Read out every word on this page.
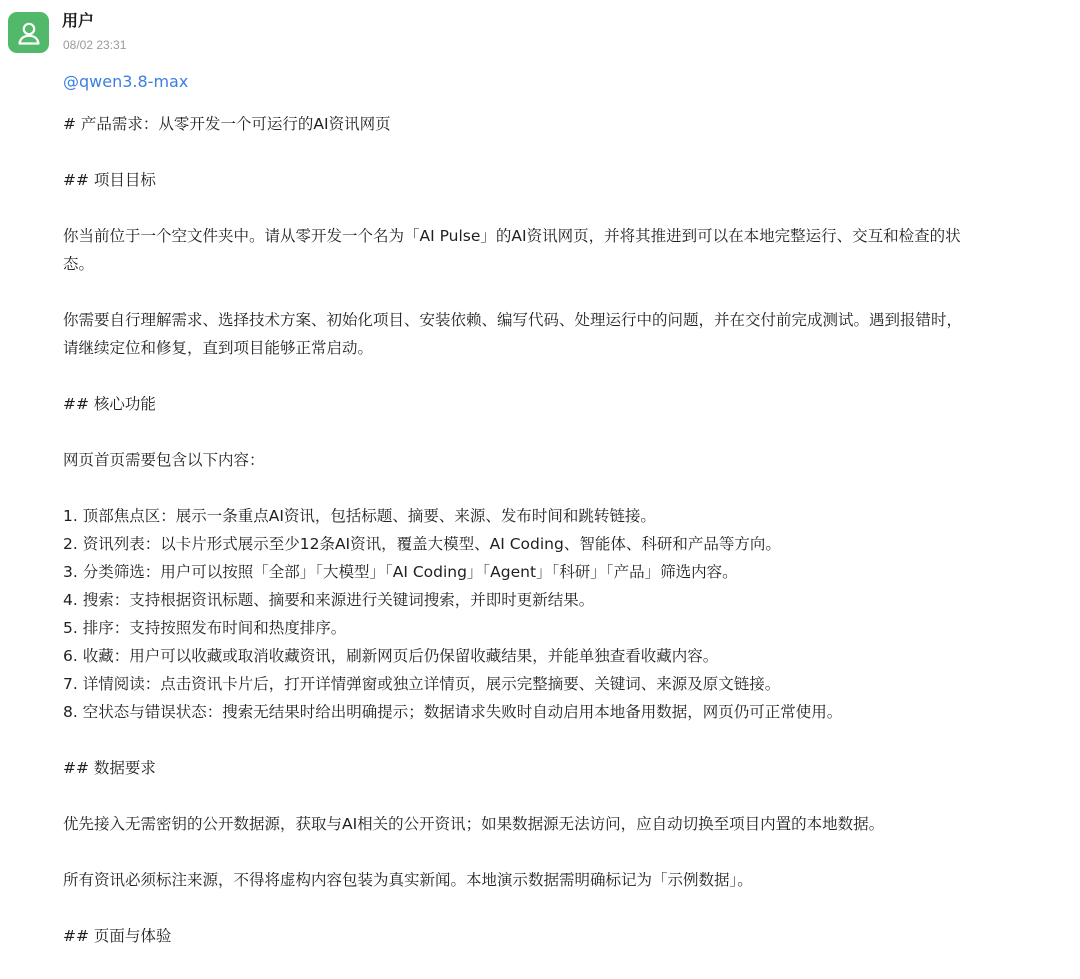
用户
08/02 23:31
@qwen3.8-max
# 产品需求：从零开发一个可运行的AI资讯网页
## 项目目标
你当前位于一个空文件夹中。请从零开发一个名为「AI Pulse」的AI资讯网页，并将其推进到可以在本地完整运行、交互和检查的状
态。
你需要自行理解需求、选择技术方案、初始化项目、安装依赖、编写代码、处理运行中的问题，并在交付前完成测试。遇到报错时，
请继续定位和修复，直到项目能够正常启动。
## 核心功能
网页首页需要包含以下内容：
1. 顶部焦点区：展示一条重点AI资讯，包括标题、摘要、来源、发布时间和跳转链接。
2. 资讯列表：以卡片形式展示至少12条AI资讯，覆盖大模型、AI Coding、智能体、科研和产品等方向。
3. 分类筛选：用户可以按照「全部」「大模型」「AI Coding」「Agent」「科研」「产品」筛选内容。
4. 搜索：支持根据资讯标题、摘要和来源进行关键词搜索，并即时更新结果。
5. 排序：支持按照发布时间和热度排序。
6. 收藏：用户可以收藏或取消收藏资讯，刷新网页后仍保留收藏结果，并能单独查看收藏内容。
7. 详情阅读：点击资讯卡片后，打开详情弹窗或独立详情页，展示完整摘要、关键词、来源及原文链接。
8. 空状态与错误状态：搜索无结果时给出明确提示；数据请求失败时自动启用本地备用数据，网页仍可正常使用。
## 数据要求
优先接入无需密钥的公开数据源，获取与AI相关的公开资讯；如果数据源无法访问，应自动切换至项目内置的本地数据。
所有资讯必须标注来源，不得将虚构内容包装为真实新闻。本地演示数据需明确标记为「示例数据」。
## 页面与体验
